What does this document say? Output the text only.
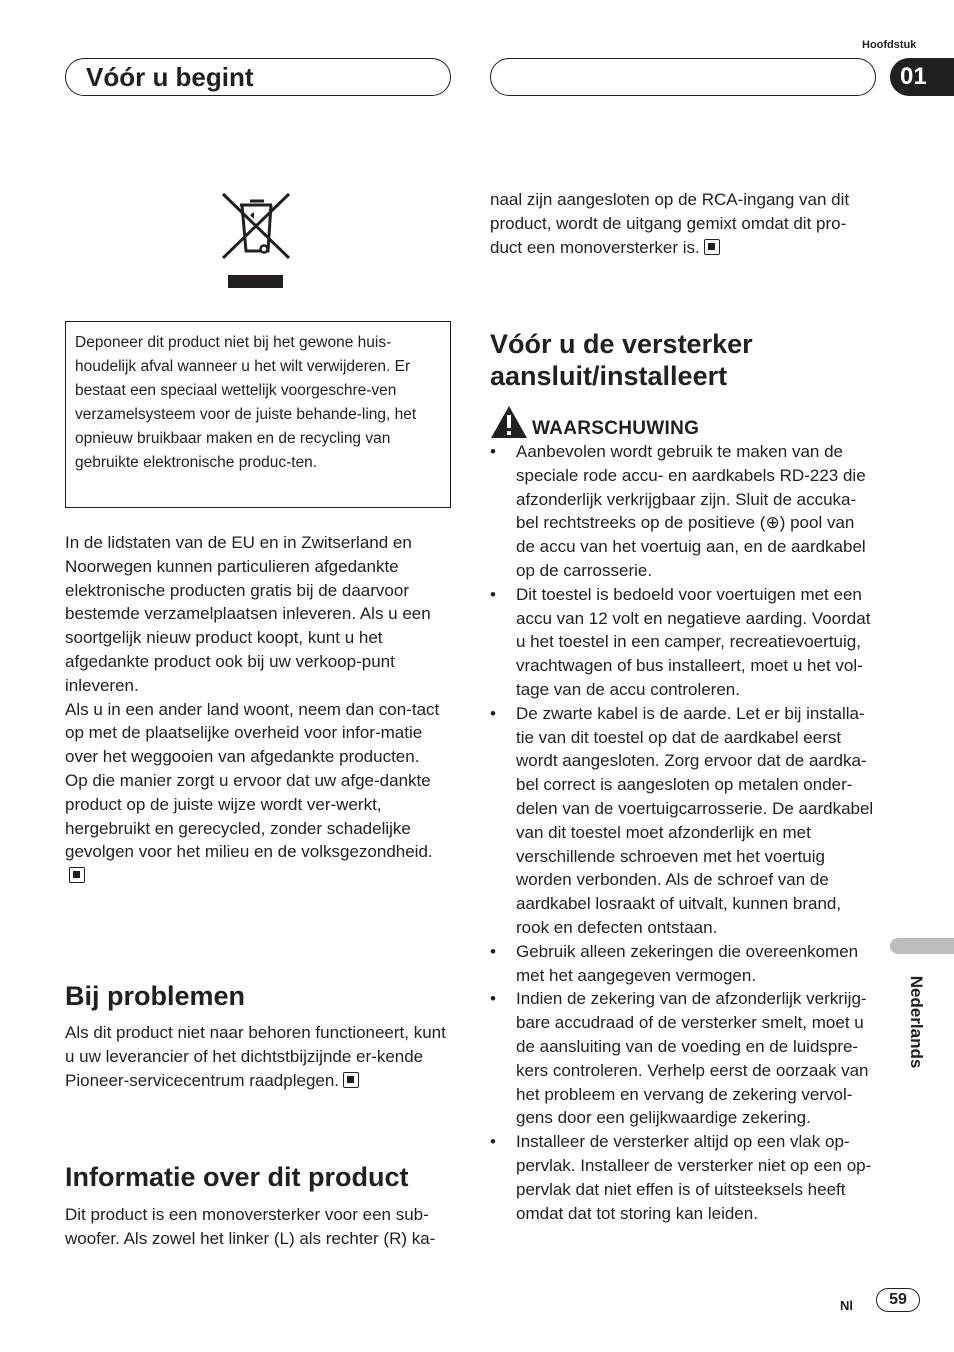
Hoofdstuk
01
Vóór u begint
Deponeer dit product niet bij het gewone huis-houdelijk afval wanneer u het wilt verwijderen. Er bestaat een speciaal wettelijk voorgeschre-ven verzamelsysteem voor de juiste behande-ling, het opnieuw bruikbaar maken en de recycling van gebruikte elektronische produc-ten.

In de lidstaten van de EU en in Zwitserland en Noorwegen kunnen particulieren afgedankte elektronische producten gratis bij de daarvoor bestemde verzamelplaatsen inleveren. Als u een soortgelijk nieuw product koopt, kunt u het afgedankte product ook bij uw verkoop-punt inleveren.

Als u in een ander land woont, neem dan con-tact op met de plaatselijke overheid voor infor-matie over het weggooien van afgedankte producten.

Op die manier zorgt u ervoor dat uw afge-dankte product op de juiste wijze wordt ver-werkt, hergebruikt en gerecycled, zonder schadelijke gevolgen voor het milieu en de volksgezondheid.

Bij problemen

Als dit product niet naar behoren functioneert, kunt u uw leverancier of het dichtstbijzijnde er-kende Pioneer-servicecentrum raadplegen.

Informatie over dit product

Dit product is een monoversterker voor een sub-woofer. Als zowel het linker (L) als rechter (R) ka-

naal zijn aangesloten op de RCA-ingang van dit product, wordt de uitgang gemixt omdat dit pro-duct een monoversterker is.

Vóór u de versterker
aansluit/installeert
WAARSCHUWING
• Aanbevolen wordt gebruik te maken van de speciale rode accu- en aardkabels RD-223 die afzonderlijk verkrijgbaar zijn. Sluit de accuka-bel rechtstreeks op de positieve (⊕) pool van de accu van het voertuig aan, en de aardkabel op de carrosserie.
• Dit toestel is bedoeld voor voertuigen met een accu van 12 volt en negatieve aarding. Voordat u het toestel in een camper, recreatievoertuig, vrachtwagen of bus installeert, moet u het vol-tage van de accu controleren.
• De zwarte kabel is de aarde. Let er bij installa-tie van dit toestel op dat de aardkabel eerst wordt aangesloten. Zorg ervoor dat de aardka-bel correct is aangesloten op metalen onder-delen van de voertuigcarrosserie. De aardkabel van dit toestel moet afzonderlijk en met verschillende schroeven met het voertuig worden verbonden. Als de schroef van de aardkabel losraakt of uitvalt, kunnen brand, rook en defecten ontstaan.
• Gebruik alleen zekeringen die overeenkomen met het aangegeven vermogen.
• Indien de zekering van de afzonderlijk verkrijg-bare accudraad of de versterker smelt, moet u de aansluiting van de voeding en de luidspre-kers controleren. Verhelp eerst de oorzaak van het probleem en vervang de zekering vervol-gens door een gelijkwaardige zekering.
• Installeer de versterker altijd op een vlak op-pervlak. Installeer de versterker niet op een op-pervlak dat niet effen is of uitsteeksels heeft omdat dat tot storing kan leiden.
Nederlands
Nl	59
